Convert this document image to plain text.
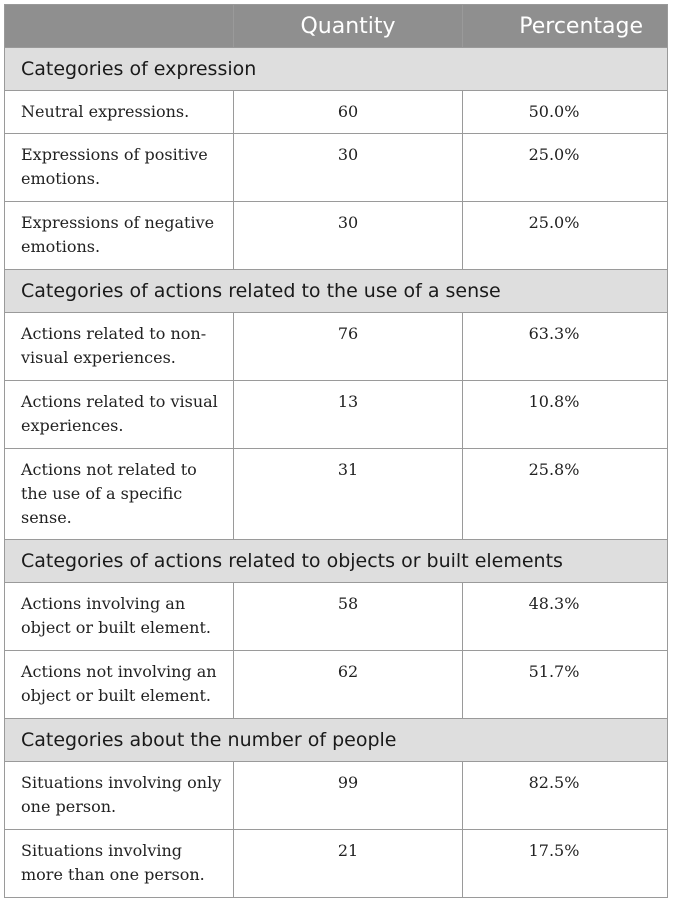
	Quantity	Percentage
Categories of expression		
Neutral expressions.	60	50.0%
Expressions of positive emotions.	30	25.0%
Expressions of negative emotions.	30	25.0%
Categories of actions related to the use of a sense		
Actions related to non-visual experiences.	76	63.3%
Actions related to visual experiences.	13	10.8%
Actions not related to the use of a specific sense.	31	25.8%
Categories of actions related to objects or built elements		
Actions involving an object or built element.	58	48.3%
Actions not involving an object or built element.	62	51.7%
Categories about the number of people		
Situations involving only one person.	99	82.5%
Situations involving more than one person.	21	17.5%
